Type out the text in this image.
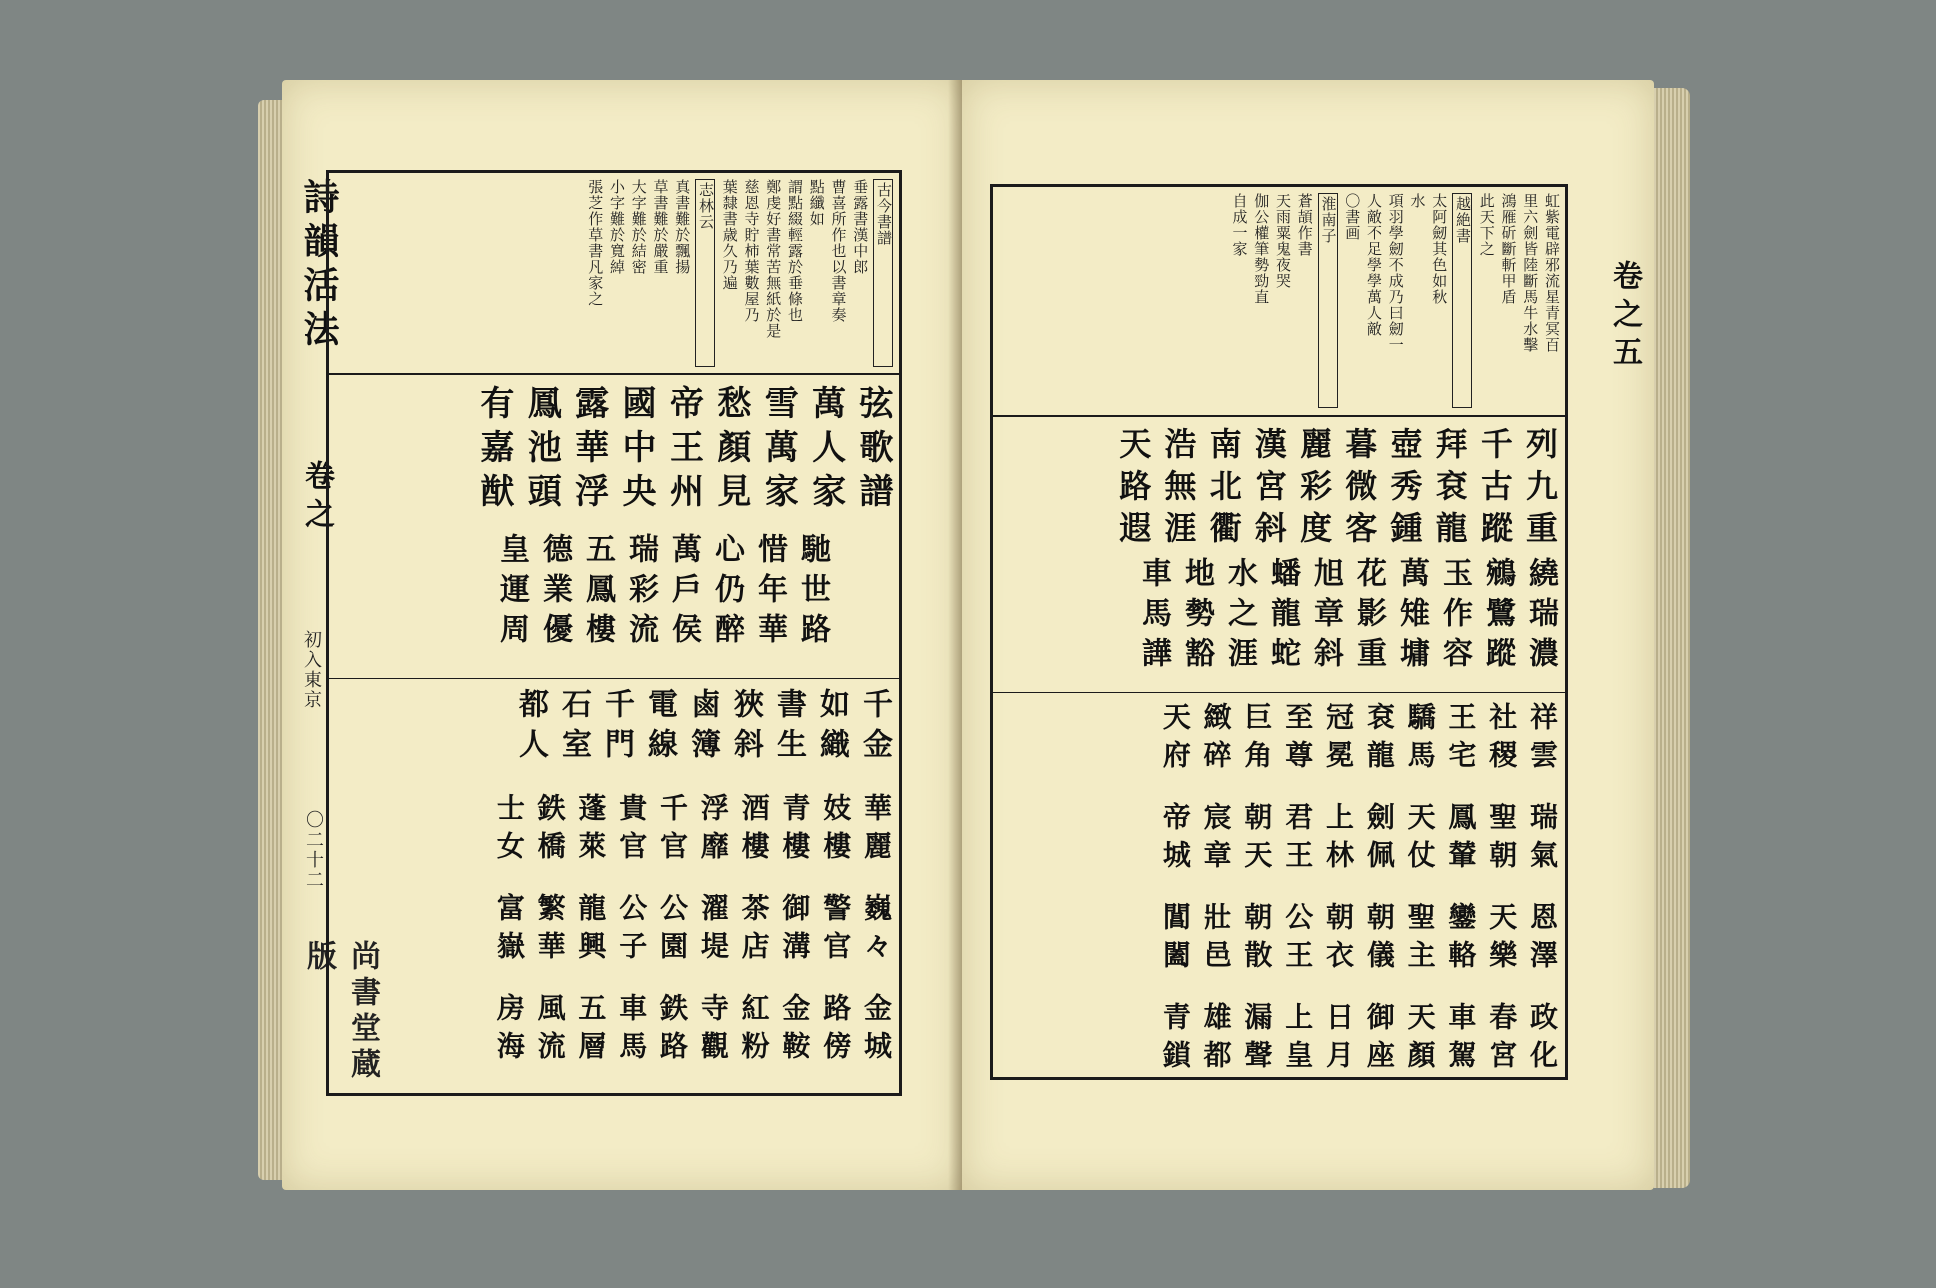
詩韻活法
卷之
初入東京
〇二十二
尚書堂蔵版
古今書譜
垂露書漢中郎
曹喜所作也以書章奏
點纖如
謂點綴輕露於垂條也
鄭虔好書常苦無紙於是
慈恩寺貯柿葉數屋乃
葉隸書歳久乃遍
志林云
真書難於飄揚
草書難於嚴重
大字難於結密
小字難於寬綽
張芝作草書凡家之
弦歌譜
萬人家
雪萬家
愁顏見
帝王州
國中央
露華浮
鳳池頭
有嘉猷
馳世路
惜年華
心仍醉
萬戶侯
瑞彩流
五鳳樓
德業優
皇運周
千金
如織
書生
狹斜
鹵簿
電線
千門
石室
都人
華麗
妓樓
青樓
酒樓
浮靡
千官
貴官
蓬萊
鉄橋
士女
巍々
警官
御溝
茶店
濯堤
公園
公子
龍興
繁華
富嶽
金城
路傍
金鞍
紅粉
寺觀
鉄路
車馬
五層
風流
房海
虹紫電辟邪流星青冥百
里六劍皆陸斷馬牛水擊
鴻雁斫斷斬甲盾
此天下之
越絶書
太阿劒其色如秋
水
項羽學劒不成乃曰劒一
人敵不足學學萬人敵
〇書画
淮南子
蒼頡作書
天雨粟鬼夜哭
伽公權筆勢勁直
自成一家
列九重
千古蹤
拜袞龍
壺秀鍾
暮微客
麗彩度
漢宮斜
南北衢
浩無涯
天路遐
繞瑞濃
鵷鷺蹤
玉作容
萬雉墉
花影重
旭章斜
蟠龍蛇
水之涯
地勢豁
車馬譁
祥雲
社稷
王宅
驕馬
袞龍
冠冕
至尊
巨角
緻碎
天府
瑞氣
聖朝
鳳輦
天仗
劍佩
上林
君王
朝天
宸章
帝城
恩澤
天樂
鑾輅
聖主
朝儀
朝衣
公王
朝散
壯邑
閶闔
政化
春宮
車駕
天顏
御座
日月
上皇
漏聲
雄都
青鎖
卷之五
